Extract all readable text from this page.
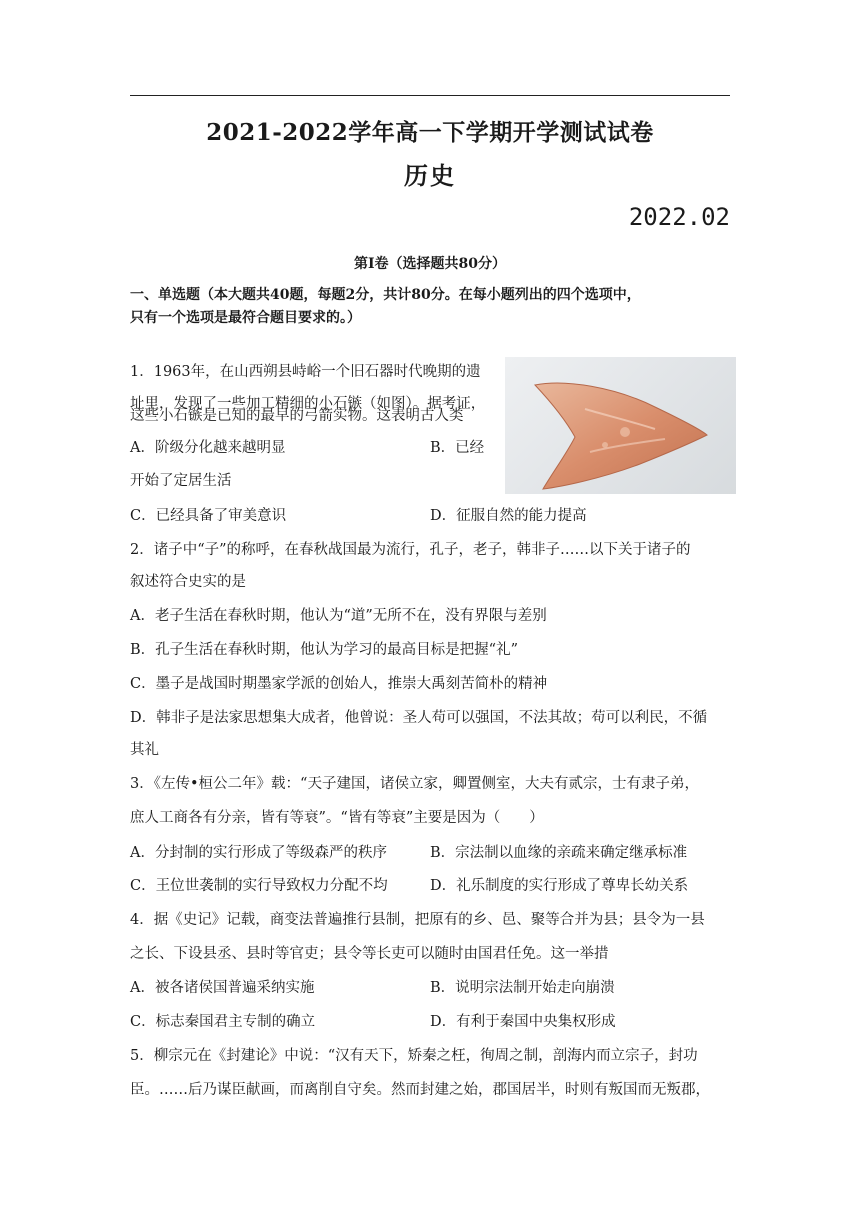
2021-2022学年高一下学期开学测试试卷
历史
2022.02
第Ⅰ卷（选择题共80分）
一、单选题（本大题共40题，每题2分，共计80分。在每小题列出的四个选项中，
只有一个选项是最符合题目要求的。）
1．1963年，在山西朔县峙峪一个旧石器时代晚期的遗
址里，发现了一些加工精细的小石镞（如图）。据考证，
这些小石镞是已知的最早的弓箭实物。这表明古人类
A．阶级分化越来越明显	B．已经
开始了定居生活
C．已经具备了审美意识	D．征服自然的能力提高
2．诸子中“子”的称呼，在春秋战国最为流行，孔子，老子，韩非子……以下关于诸子的
叙述符合史实的是
A．老子生活在春秋时期，他认为“道”无所不在，没有界限与差别
B．孔子生活在春秋时期，他认为学习的最高目标是把握“礼”
C．墨子是战国时期墨家学派的创始人，推崇大禹刻苦简朴的精神
D．韩非子是法家思想集大成者，他曾说：圣人苟可以强国，不法其故；苟可以利民，不循
其礼
3．《左传•桓公二年》载：“天子建国，诸侯立家，卿置侧室，大夫有贰宗，士有隶子弟，
庶人工商各有分亲，皆有等衰”。“皆有等衰”主要是因为（　　）
A．分封制的实行形成了等级森严的秩序	B．宗法制以血缘的亲疏来确定继承标准
C．王位世袭制的实行导致权力分配不均	D．礼乐制度的实行形成了尊卑长幼关系
4．据《史记》记载，商变法普遍推行县制，把原有的乡、邑、聚等合并为县；县令为一县
之长、下设县丞、县时等官吏；县令等长吏可以随时由国君任免。这一举措
A．被各诸侯国普遍采纳实施	B．说明宗法制开始走向崩溃
C．标志秦国君主专制的确立	D．有利于秦国中央集权形成
5．柳宗元在《封建论》中说：“汉有天下，矫秦之枉，徇周之制，剖海内而立宗子，封功
臣。……后乃谋臣献画，而离削自守矣。然而封建之始，郡国居半，时则有叛国而无叛郡，
